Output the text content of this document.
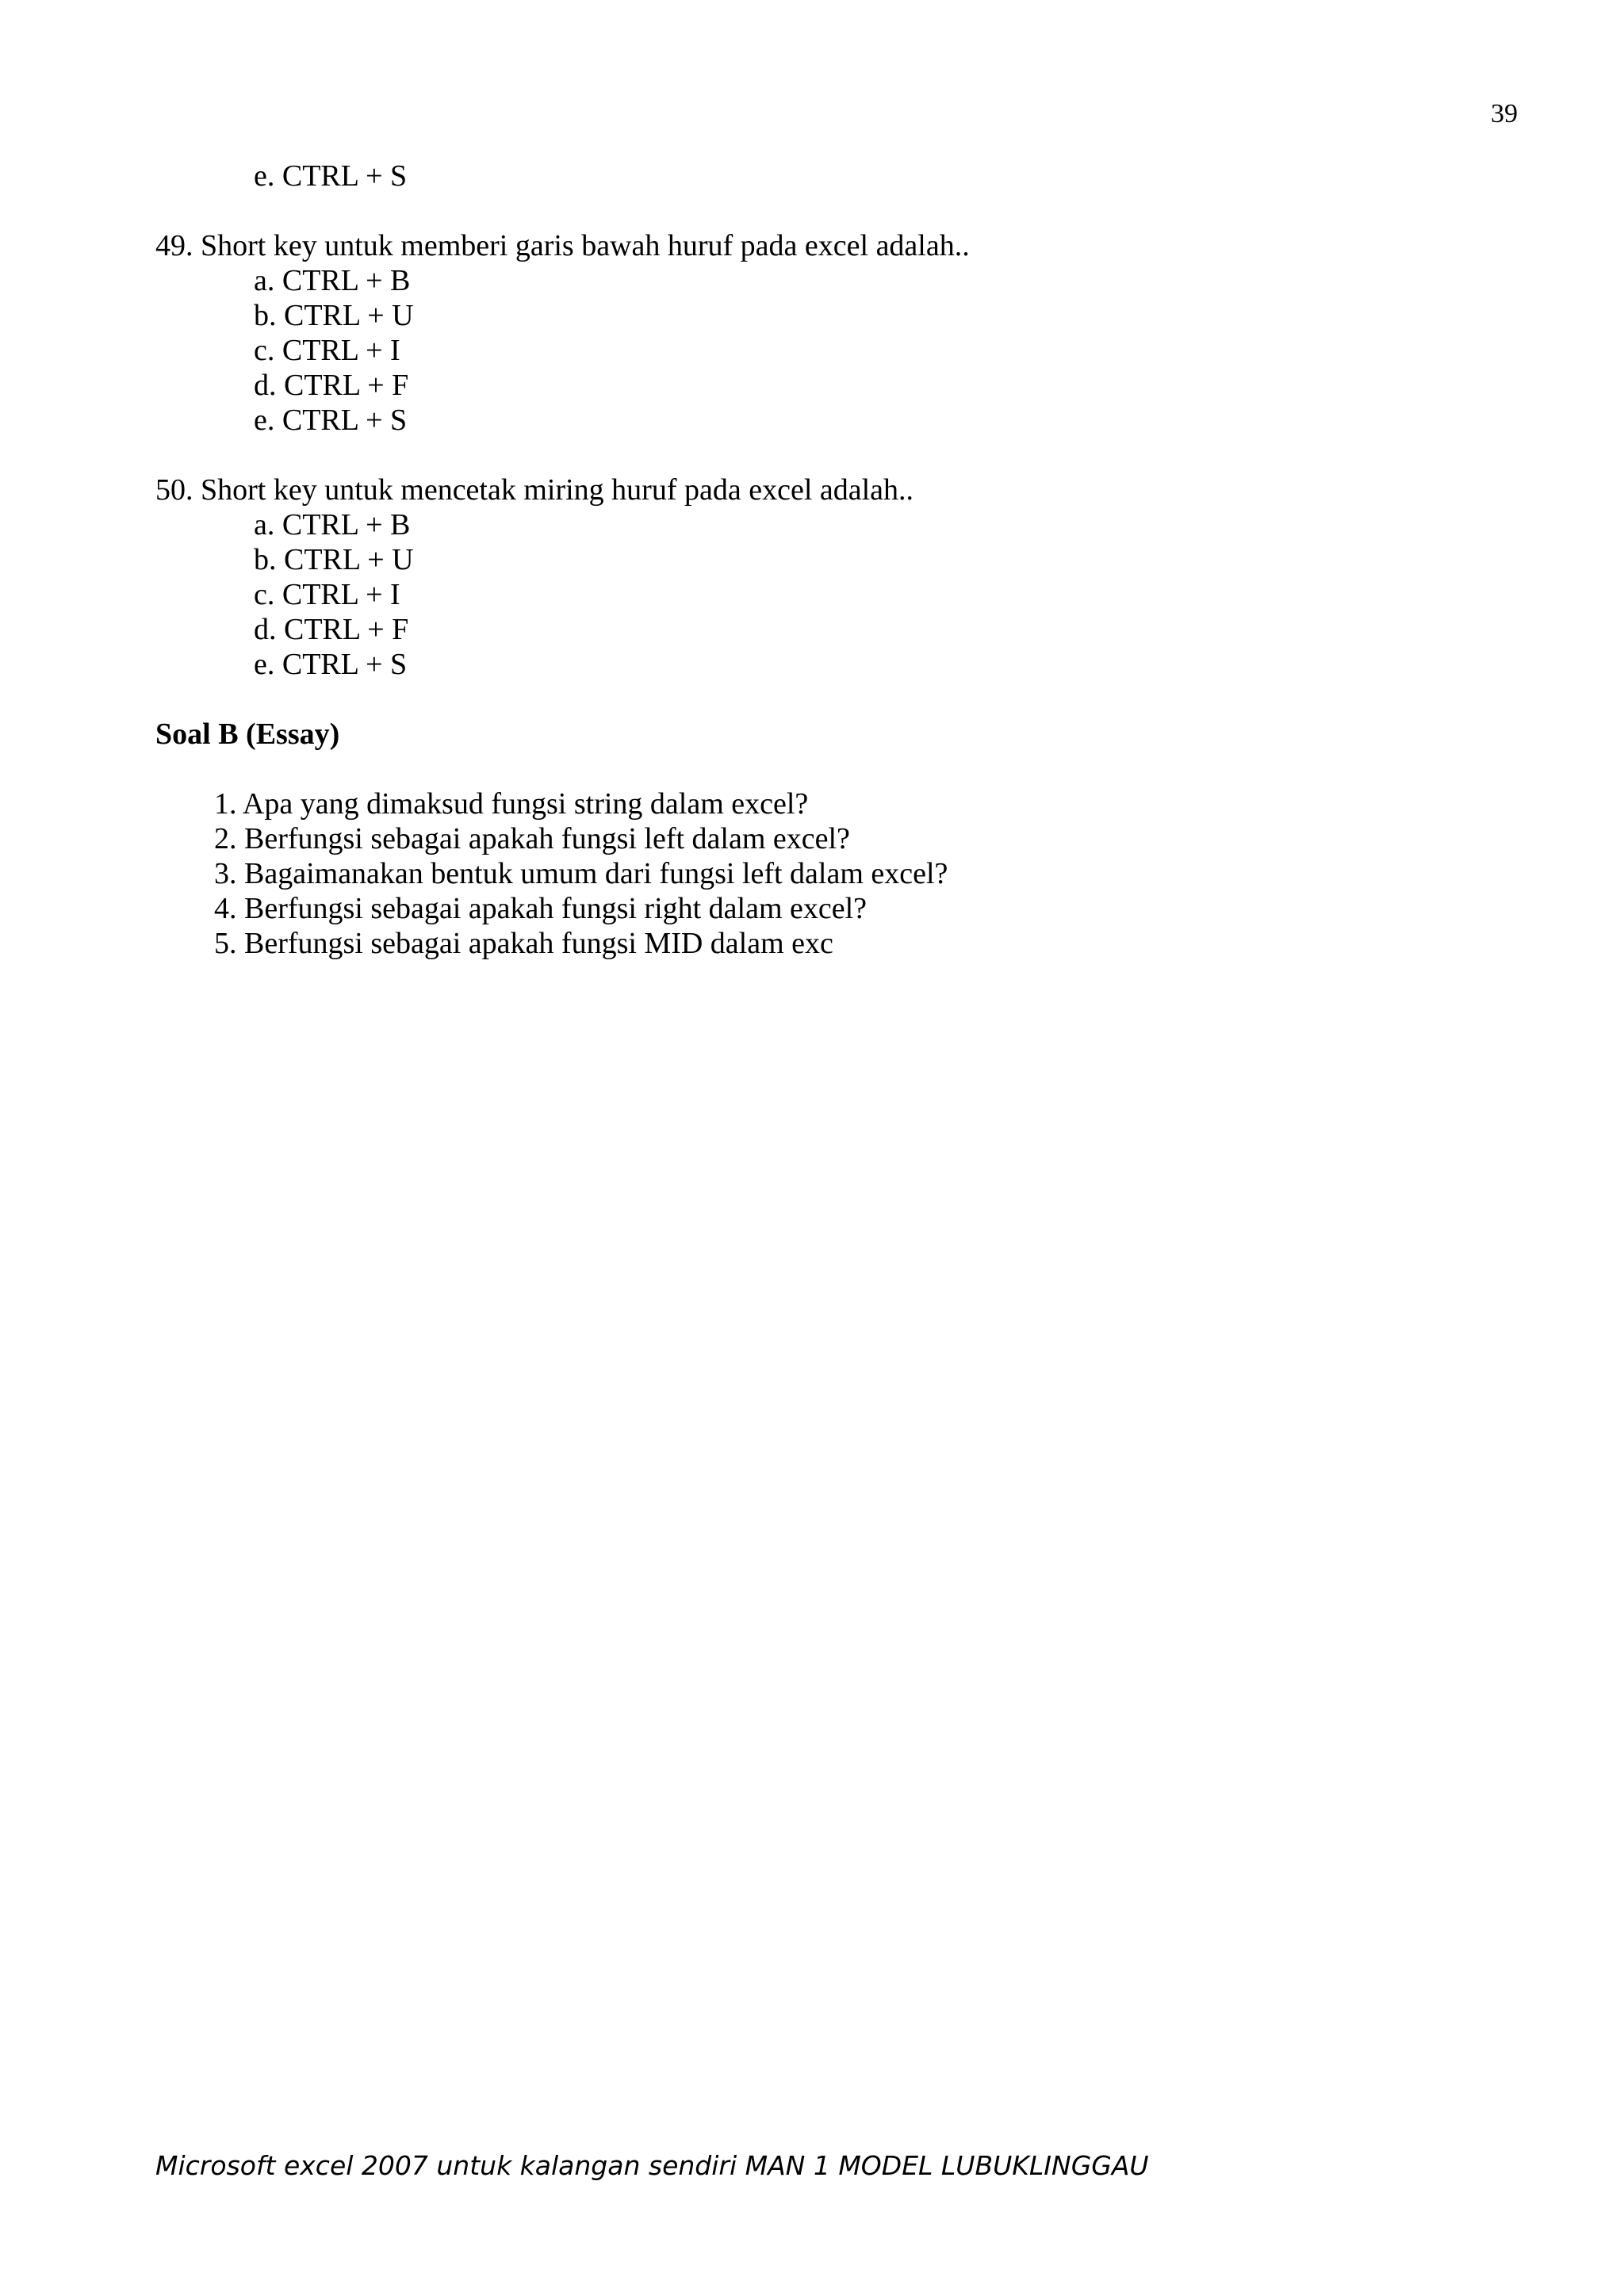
39
e. CTRL + S
49. Short key untuk memberi garis bawah huruf pada excel adalah..
a. CTRL + B
b. CTRL + U
c. CTRL + I
d. CTRL + F
e. CTRL + S
50. Short key untuk mencetak miring huruf pada excel adalah..
a. CTRL + B
b. CTRL + U
c. CTRL + I
d. CTRL + F
e. CTRL + S
Soal B (Essay)
1. Apa yang dimaksud fungsi string dalam excel?
2. Berfungsi sebagai apakah fungsi left dalam excel?
3. Bagaimanakan bentuk umum dari fungsi left dalam excel?
4. Berfungsi sebagai apakah fungsi right dalam excel?
5. Berfungsi sebagai apakah fungsi MID dalam exc
Microsoft excel 2007 untuk kalangan sendiri MAN 1 MODEL LUBUKLINGGAU
